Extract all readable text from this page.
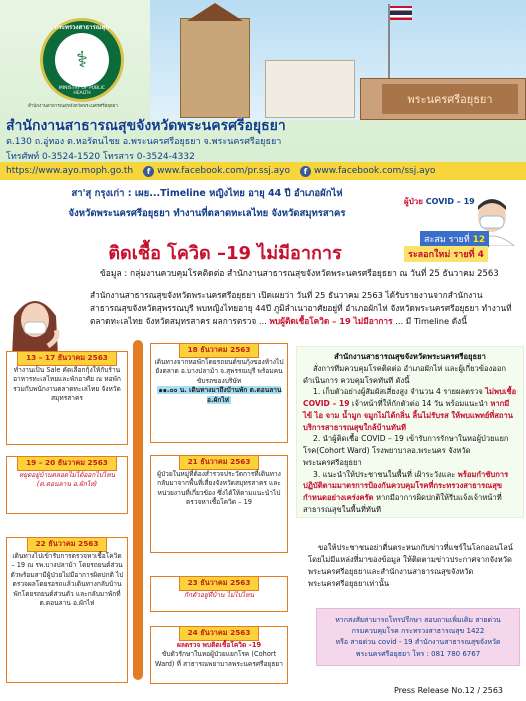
พระนครศรีอยุธยา
⚕
กระทรวงสาธารณสุข
MINISTRY OF PUBLIC HEALTH
สำนักงานสาธารณสุขจังหวัดพระนครศรีอยุธยา
สำนักงานสาธารณสุขจังหวัดพระนครศรีอยุธยา
ต.130 ถ.อู่ทอง ต.หอรัตนไชย อ.พระนครศรีอยุธยา จ.พระนครศรีอยุธยา
โทรศัพท์ 0-3524-1520 โทรสาร 0-3524-4332
https://www.ayo.moph.go.th	f www.facebook.com/pr.ssj.ayo	f www.facebook.com/ssj.ayo
สา'สุ กรุงเก่า : เผย...Timeline หญิงไทย อายุ 44 ปี อำเภอผักไห่
จังหวัดพระนครศรีอยุธยา ทำงานที่ตลาดทะเลไทย จังหวัดสมุทรสาคร
ติดเชื้อ โควิด –19 ไม่มีอาการ
ผู้ป่วย COVID – 19
สะสม รายที่ 12
ระลอกใหม่ รายที่ 4
ข้อมูล : กลุ่มงานควบคุมโรคติดต่อ สำนักงานสาธารณสุขจังหวัดพระนครศรีอยุธยา ณ วันที่ 25 ธันวาคม 2563
สำนักงานสาธารณสุขจังหวัดพระนครศรีอยุธยา เปิดเผยว่า วันที่ 25 ธันวาคม 2563 ได้รับรายงานจากสำนักงานสาธารณสุขจังหวัดสุพรรณบุรี พบหญิงไทยอายุ 44ปี ภูมิลำเนาอาศัยอยู่ที่ อำเภอผักไห่ จังหวัดพระนครศรีอยุธยา ทำงานที่ตลาดทะเลไทย จังหวัดสมุทรสาคร ผลการตรวจ ... พบผู้ติดเชื้อโควิด – 19 ไม่มีอาการ ... มี Timeline ดังนี้
13 – 17 ธันวาคม 2563
ทำงานเป็น Sale คัดเลือกกุ้งให้กับร้านอาหารทะเลไทยและพักอาศัย ณ หอพักรวมกับพนักงานตลาดทะเลไทย จังหวัดสมุทรสาคร
18 ธันวาคม 2563
เดินทางจากหอพักโดยรถยนต์ขนกุ้งของห้างไปยังตลาด อ.บางปลาม้า จ.สุพรรณบุรี พร้อมคนขับรถของบริษัท
๑๑.๐๐ น. เดินทางมาถึงบ้านพัก ต.ดอนลาน อ.ผักไห่
19 – 20 ธันวาคม 2563
หยุดอยู่บ้านตลอดไม่ได้ออกไปไหน (ต.ดอนลาน อ.ผักไห่)
21 ธันวาคม 2563
ผู้ป่วยในหมู่ที่ต้องสำรวจประวัตการที่เดินทางกลับมาจากพื้นที่เสี่ยงจังหวัดสมุทรสาคร และหน่วยงานที่เกี่ยวข้อง ซึ่งได้ให้ตามแนะนำไปตรวจหาเชื้อโควิด – 19
22 ธันวาคม 2563
เดินทางไปเข้ารับการตรวจหาเชื้อโควิด – 19 ณ รพ.บางปลาม้า โดยรถยนต์ส่วนตัวพร้อมสามีผู้ป่วยไม่มีอาการผิดปกติ ไปตรวจผลโดยรอรถแล้วเดินทางกลับบ้านพักโดยรถยนต์ส่วนตัว และกลับมาพักที่ ต.ดอนลาน อ.ผักไห่
23 ธันวาคม 2563
กักตัวอยู่ที่บ้าน ไม่ไปไหน
24 ธันวาคม 2563
ผลตรวจ พบติดเชื้อโควิด –19
ขับตัวรักษาในหอผู้ป่วยแยกโรค (Cohort Ward) ที่ สาธารณพยาบาลพระนครศรีอยุธยา
สำนักงานสาธารณสุขจังหวัดพระนครศรีอยุธยา

สั่งการทีมควบคุมโรคติดต่อ อำเภอผักไห่ และผู้เกี่ยวข้องออกดำเนินการ ควบคุมโรคทันที ดังนี้

1. เก็บตัวอย่างผู้สัมผัสเสี่ยงสูง จำนวน 4 รายผลตรวจ ไม่พบเชื้อ COVID – 19 เจ้าหน้าที่ให้กักตัวต่อ 14 วัน พร้อมแนะนำ หากมีไข้ ไอ จาม น้ำมูก จมูกไม่ได้กลิ่น ลิ้นไม่รับรส ให้พบแพทย์ที่สถานบริการสาธารณสุขใกล้บ้านทันที

2. นำผู้ติดเชื้อ COVID – 19 เข้ารับการรักษาในหอผู้ป่วยแยกโรค(Cohort Ward) โรงพยาบาลอ.พระนคร จังหวัดพระนครศรีอยุธยา

3. แนะนำให้ประชาชนในพื้นที่ เฝ้าระวังและ พร้อมกำชับการปฏิบัติตามมาตรการป้องกันควบคุมโรคที่กระทรวงสาธารณสุขกำหนดอย่างเคร่งครัด หากมีอาการผิดปกติให้รีบแจ้งเจ้าหน้าที่สาธารณสุขในพื้นที่ทันที

ขอให้ประชาชนอย่าตื่นตระหนกกับข่าวที่แชร์ในโลกออนไลน์ โดยไม่มีแหล่งที่มาของข้อมูล ให้ติดตามข่าวประกาศจากจังหวัดพระนครศรีอยุธยาและสำนักงานสาธารณสุขจังหวัดพระนครศรีอยุธยาเท่านั้น
หากสงสัยสามารถโทรปรึกษา สอบถามเพิ่มเติม สายด่วน
กรมควบคุมโรค กระทรวงสาธารณสุข 1422
หรือ สายด่วน covid - 19 สำนักงานสาธารณสุขจังหวัด
พระนครศรีอยุธยา โทร : 081 780 6767
Press Release No.12 / 2563
